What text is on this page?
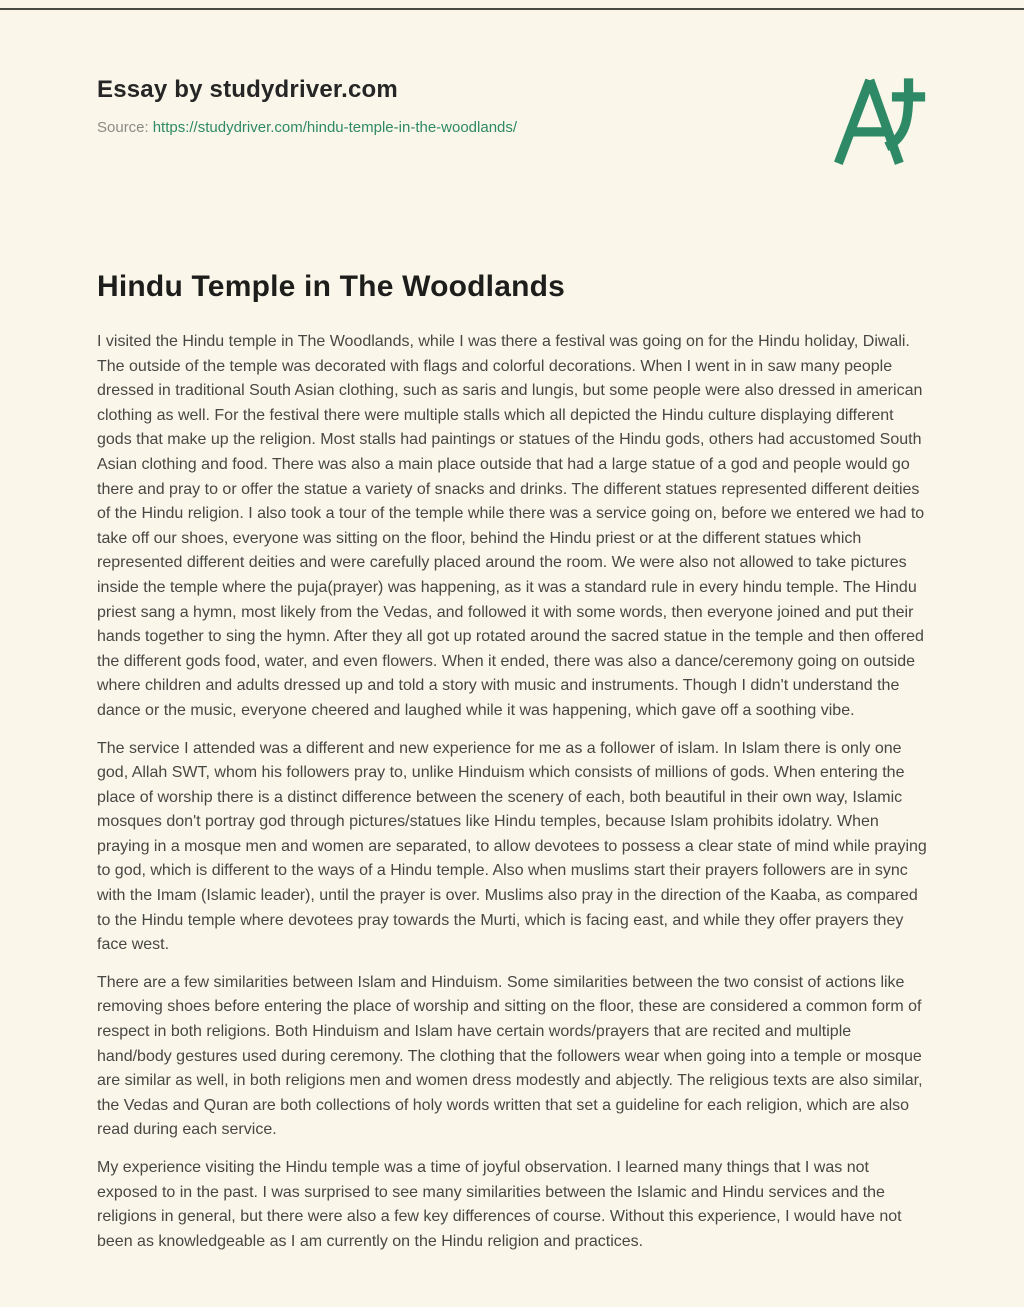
Essay by studydriver.com

Source: https://studydriver.com/hindu-temple-in-the-woodlands/

Hindu Temple in The Woodlands

I visited the Hindu temple in The Woodlands, while I was there a festival was going on for the Hindu holiday, Diwali. The outside of the temple was decorated with flags and colorful decorations. When I went in in saw many people dressed in traditional South Asian clothing, such as saris and lungis, but some people were also dressed in american clothing as well. For the festival there were multiple stalls which all depicted the Hindu culture displaying different gods that make up the religion. Most stalls had paintings or statues of the Hindu gods, others had accustomed South Asian clothing and food. There was also a main place outside that had a large statue of a god and people would go there and pray to or offer the statue a variety of snacks and drinks. The different statues represented different deities of the Hindu religion. I also took a tour of the temple while there was a service going on, before we entered we had to take off our shoes, everyone was sitting on the floor, behind the Hindu priest or at the different statues which represented different deities and were carefully placed around the room. We were also not allowed to take pictures inside the temple where the puja(prayer) was happening, as it was a standard rule in every hindu temple. The Hindu priest sang a hymn, most likely from the Vedas, and followed it with some words, then everyone joined and put their hands together to sing the hymn. After they all got up rotated around the sacred statue in the temple and then offered the different gods food, water, and even flowers. When it ended, there was also a dance/ceremony going on outside where children and adults dressed up and told a story with music and instruments. Though I didn't understand the dance or the music, everyone cheered and laughed while it was happening, which gave off a soothing vibe.

The service I attended was a different and new experience for me as a follower of islam. In Islam there is only one god, Allah SWT, whom his followers pray to, unlike Hinduism which consists of millions of gods. When entering the place of worship there is a distinct difference between the scenery of each, both beautiful in their own way, Islamic mosques don't portray god through pictures/statues like Hindu temples, because Islam prohibits idolatry. When praying in a mosque men and women are separated, to allow devotees to possess a clear state of mind while praying to god, which is different to the ways of a Hindu temple. Also when muslims start their prayers followers are in sync with the Imam (Islamic leader), until the prayer is over. Muslims also pray in the direction of the Kaaba, as compared to the Hindu temple where devotees pray towards the Murti, which is facing east, and while they offer prayers they face west.

There are a few similarities between Islam and Hinduism. Some similarities between the two consist of actions like removing shoes before entering the place of worship and sitting on the floor, these are considered a common form of respect in both religions. Both Hinduism and Islam have certain words/prayers that are recited and multiple hand/body gestures used during ceremony. The clothing that the followers wear when going into a temple or mosque are similar as well, in both religions men and women dress modestly and abjectly. The religious texts are also similar, the Vedas and Quran are both collections of holy words written that set a guideline for each religion, which are also read during each service.

My experience visiting the Hindu temple was a time of joyful observation. I learned many things that I was not exposed to in the past. I was surprised to see many similarities between the Islamic and Hindu services and the religions in general, but there were also a few key differences of course. Without this experience, I would have not been as knowledgeable as I am currently on the Hindu religion and practices.
